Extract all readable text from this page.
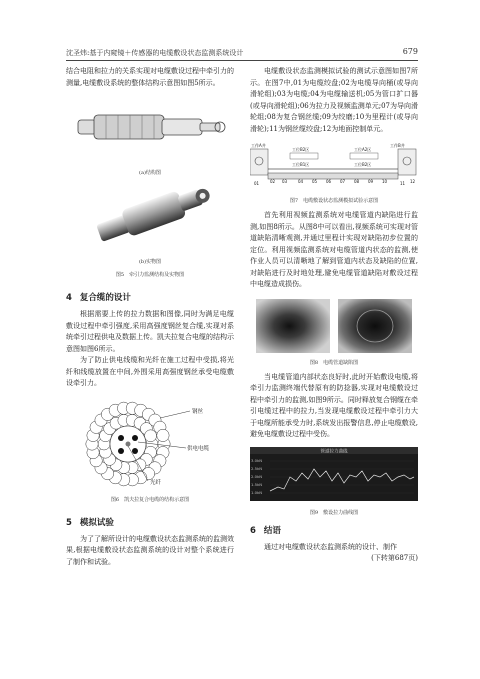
沈圣炜:基于内窥镜＋传感器的电缆敷设状态监测系统设计	679

结合电阻和拉力的关系实现对电缆敷设过程中牵引力的测量,电缆敷设系统的整体结构示意图如图5所示。

(a)结构图
(b)实物图
图5　牵引力监测结构及实物图
4 复合缆的设计

根据需要上传的拉力数据和图像,同时为满足电缆敷设过程中牵引强度,采用高强度钢丝复合缆,实现对系统牵引过程供电及数据上传。凯夫拉复合电缆的结构示意图如图6所示。

为了防止供电线缆和光纤在施工过程中受损,将光纤和线缆放置在中间,外围采用高强度钢丝承受电缆敷设牵引力。

钢丝
供电电缆
光纤
图6　凯夫拉复合电缆的结构示意图
5 模拟试验

为了了解所设计的电缆敷设状态监测系统的监测效果,根据电缆敷设状态监测系统的设计对整个系统进行了制作和试验。

电缆敷设状态监测模拟试验的测试示意图如图7所示。在图7中,01为电缆绞盘;02为电缆导向桶(或导向滑轮组);03为电缆;04为电缆输送机;05为管口扩口器(或导向滑轮组);06为拉力及视频监测单元;07为导向滑轮组;08为复合钢丝缆;09为绞磨;10为里程计(或导向滑轮);11为钢丝缆绞盘;12为地面控制单元。

01	02 03	04 05 06 07 08 09 10	11 12
工作A井	工作B井
工位A2区
工位B1区	工位B2区
工位B2区
图7　电缆敷设状态监测模拟试验示意图

首先利用视频监测系统对电缆管道内缺陷进行监测,如图8所示。从图8中可以看出,视频系统可实现对管道缺陷清晰观测,并通过里程计实现对缺陷初步位置的定位。利用视频监测系统对电缆管道内状态的监测,使作业人员可以清晰地了解到管道内状态及缺陷的位置,对缺陷进行及时地处理,避免电缆管道缺陷对敷设过程中电缆造成损伤。

图8　电缆管道缺陷图

当电缆管道内部状态良好时,此时开始敷设电缆,将牵引力监测终端代替原有的防捻器,实现对电缆敷设过程中牵引力的监测,如图9所示。同时释放复合钢缆在牵引电缆过程中的拉力,当发现电缆敷设过程中牵引力大于电缆所能承受力时,系统发出报警信息,停止电缆敷设,避免电缆敷设过程中受伤。

管道拉力曲线
3.0kN
2.5kN
2.0kN
1.5kN
1.0kN
图9　敷设拉力曲线图
6 结语

通过对电缆敷设状态监测系统的设计、制作

(下转第687页)
